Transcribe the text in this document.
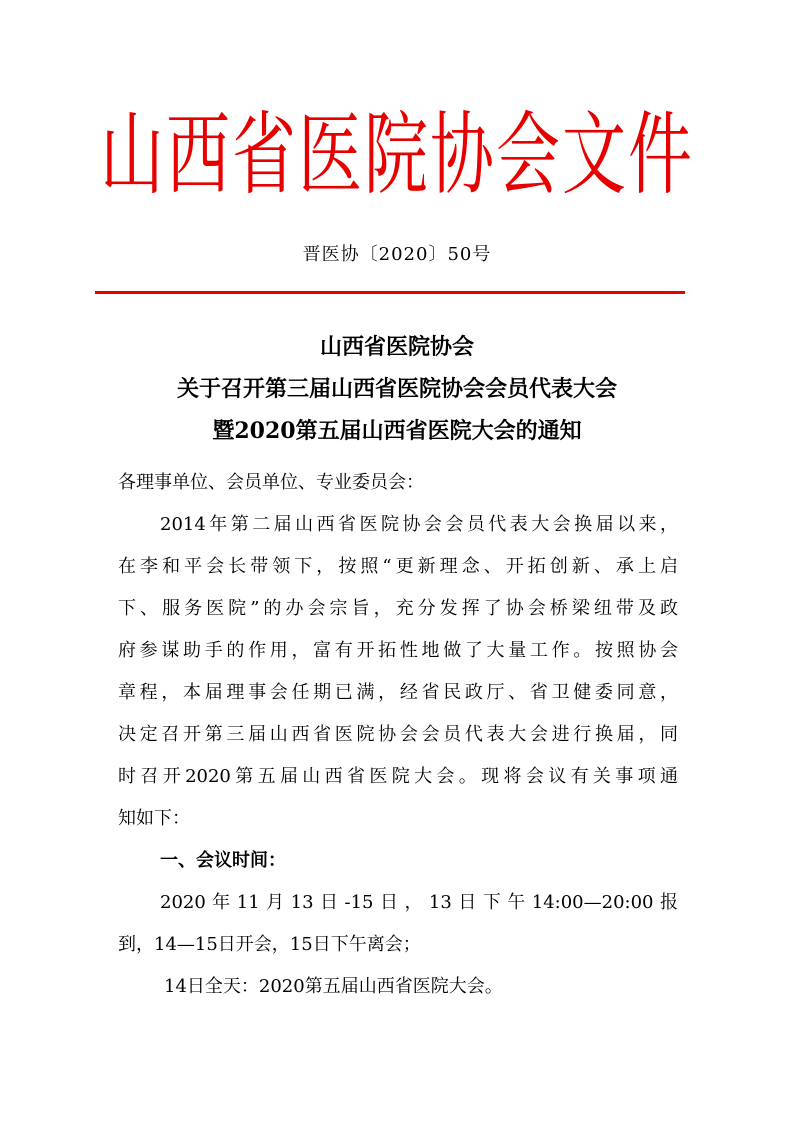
山西省医院协会文件
晋医协〔2020〕50号
山西省医院协会
关于召开第三届山西省医院协会会员代表大会
暨2020第五届山西省医院大会的通知
各理事单位、会员单位、专业委员会：
2014年第二届山西省医院协会会员代表大会换届以来，
在李和平会长带领下，按照“更新理念、开拓创新、承上启
下、服务医院”的办会宗旨，充分发挥了协会桥梁纽带及政
府参谋助手的作用，富有开拓性地做了大量工作。按照协会
章程，本届理事会任期已满，经省民政厅、省卫健委同意，
决定召开第三届山西省医院协会会员代表大会进行换届，同
时召开2020第五届山西省医院大会。现将会议有关事项通
知如下：
一、会议时间：
2020年11月13日-15日，13日下午14:00—20:00报
到，14—15日开会，15日下午离会；
14日全天：2020第五届山西省医院大会。
